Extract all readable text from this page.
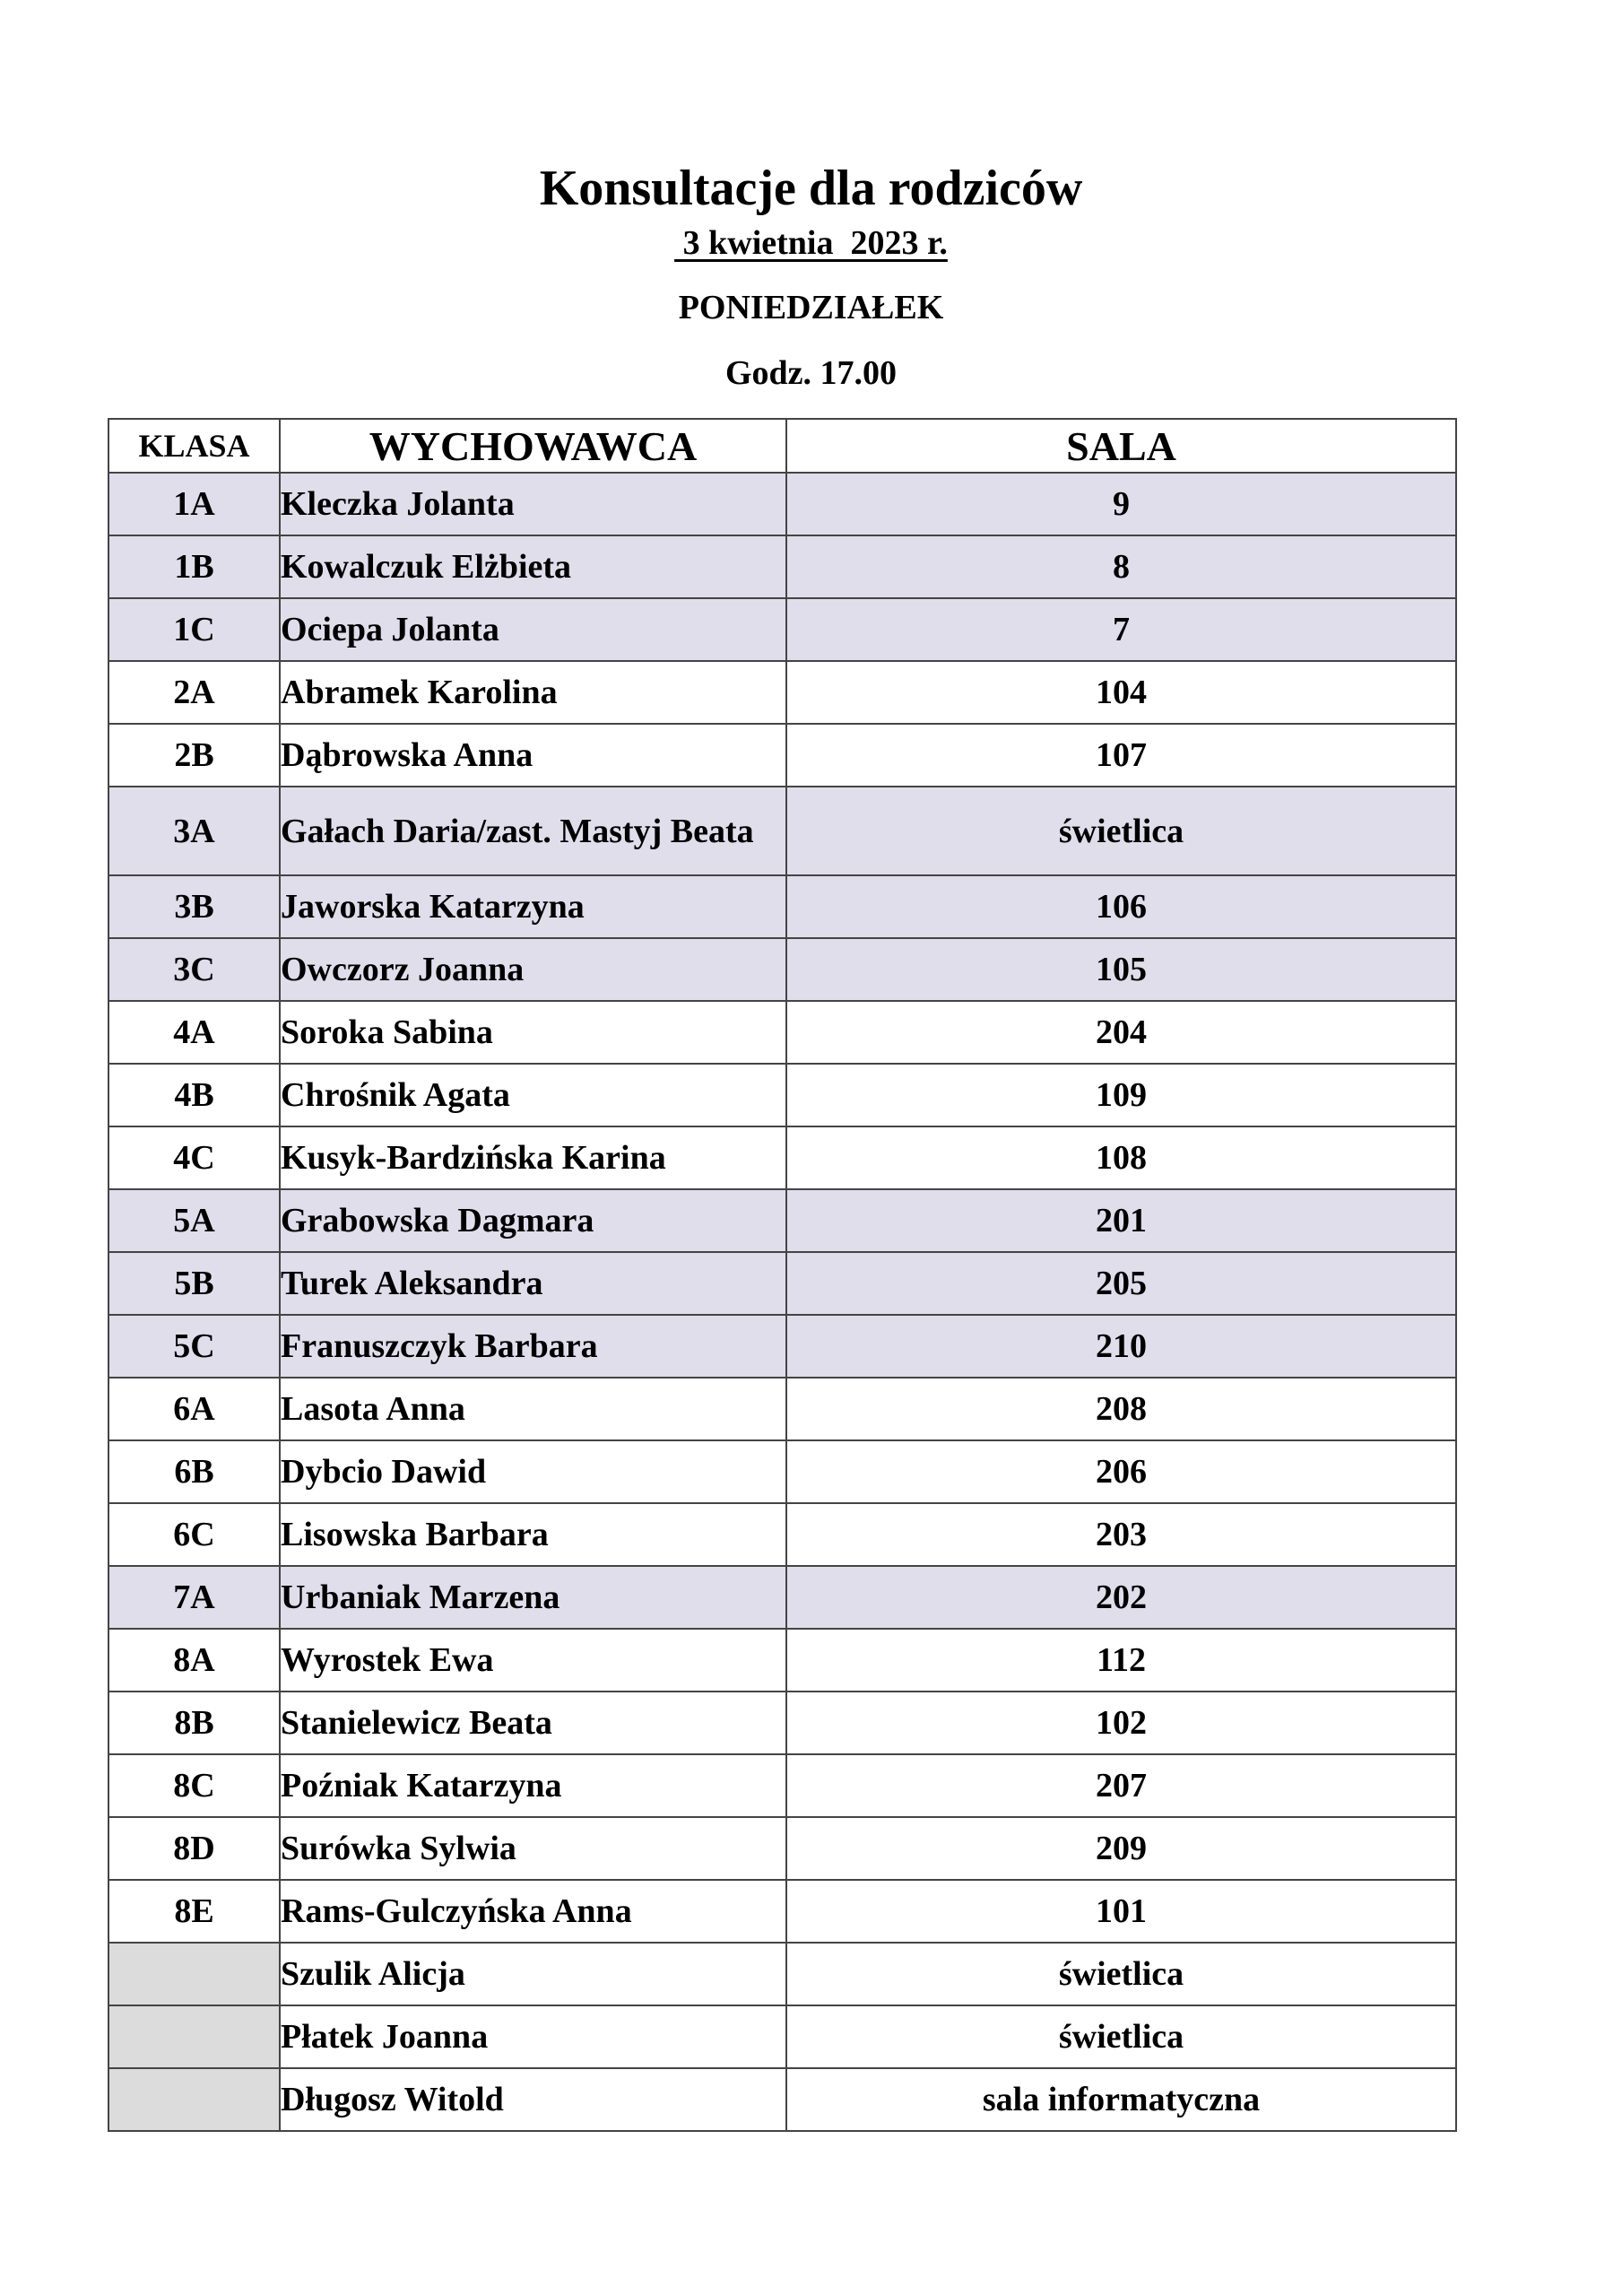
Konsultacje dla rodziców
3 kwietnia  2023 r.
PONIEDZIAŁEK
Godz. 17.00
KLASA	WYCHOWAWCA	SALA
1A	Kleczka Jolanta	9
1B	Kowalczuk Elżbieta	8
1C	Ociepa Jolanta	7
2A	Abramek Karolina	104
2B	Dąbrowska Anna	107
3A	Gałach Daria/zast. Mastyj Beata	świetlica
3B	Jaworska Katarzyna	106
3C	Owczorz Joanna	105
4A	Soroka Sabina	204
4B	Chrośnik Agata	109
4C	Kusyk-Bardzińska Karina	108
5A	Grabowska Dagmara	201
5B	Turek Aleksandra	205
5C	Franuszczyk Barbara	210
6A	Lasota Anna	208
6B	Dybcio Dawid	206
6C	Lisowska Barbara	203
7A	Urbaniak Marzena	202
8A	Wyrostek Ewa	112
8B	Stanielewicz Beata	102
8C	Poźniak Katarzyna	207
8D	Surówka Sylwia	209
8E	Rams-Gulczyńska Anna	101
	Szulik Alicja	świetlica
	Płatek Joanna	świetlica
	Długosz Witold	sala informatyczna
